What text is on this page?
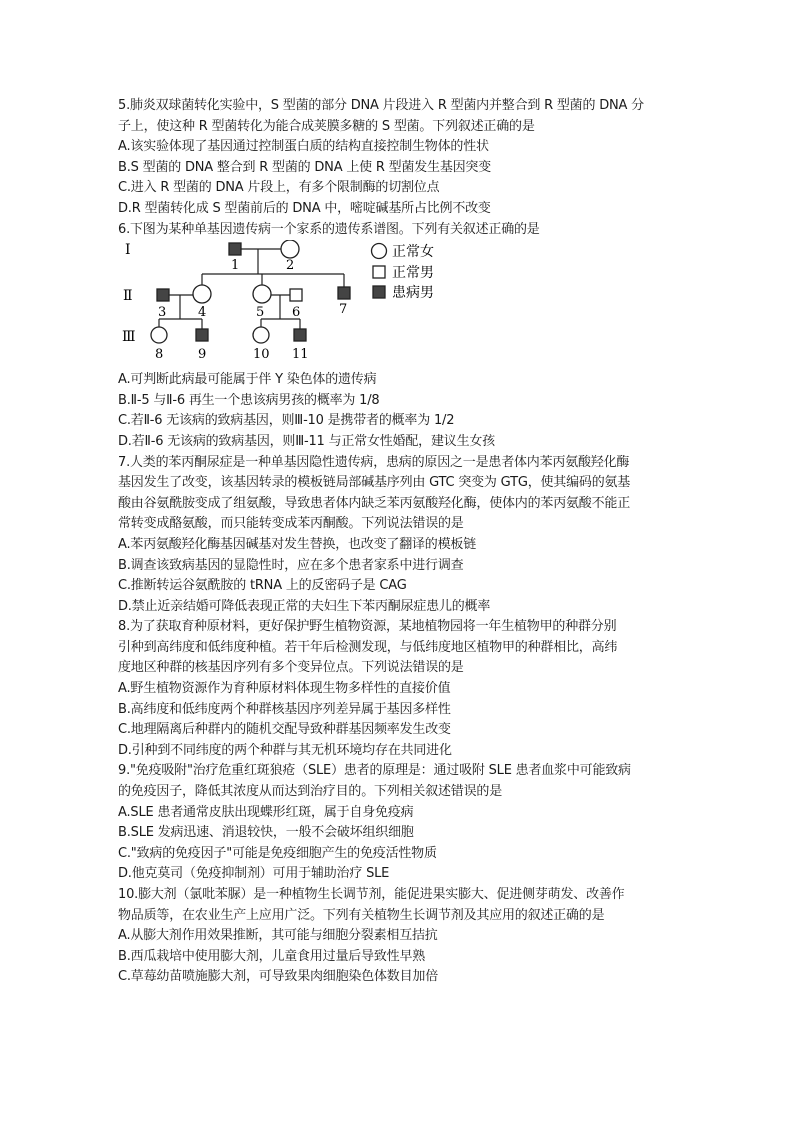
5.肺炎双球菌转化实验中，S 型菌的部分 DNA 片段进入 R 型菌内并整合到 R 型菌的 DNA 分
子上，使这种 R 型菌转化为能合成荚膜多糖的 S 型菌。下列叙述正确的是
A.该实验体现了基因通过控制蛋白质的结构直接控制生物体的性状
B.S 型菌的 DNA 整合到 R 型菌的 DNA 上使 R 型菌发生基因突变
C.进入 R 型菌的 DNA 片段上，有多个限制酶的切割位点
D.R 型菌转化成 S 型菌前后的 DNA 中，嘧啶碱基所占比例不改变
6.下图为某种单基因遗传病一个家系的遗传系谱图。下列有关叙述正确的是
Ⅰ
Ⅱ
Ⅲ
1	2
3 4	5 6	7
8	9	10 11
正常女
正常男
患病男
A.可判断此病最可能属于伴 Y 染色体的遗传病
B.Ⅱ-5 与Ⅱ-6 再生一个患该病男孩的概率为 1/8
C.若Ⅱ-6 无该病的致病基因，则Ⅲ-10 是携带者的概率为 1/2
D.若Ⅱ-6 无该病的致病基因，则Ⅲ-11 与正常女性婚配，建议生女孩
7.人类的苯丙酮尿症是一种单基因隐性遗传病，患病的原因之一是患者体内苯丙氨酸羟化酶
基因发生了改变，该基因转录的模板链局部碱基序列由 GTC 突变为 GTG，使其编码的氨基
酸由谷氨酰胺变成了组氨酸，导致患者体内缺乏苯丙氨酸羟化酶，使体内的苯丙氨酸不能正
常转变成酪氨酸，而只能转变成苯丙酮酸。下列说法错误的是
A.苯丙氨酸羟化酶基因碱基对发生替换，也改变了翻译的模板链
B.调查该致病基因的显隐性时，应在多个患者家系中进行调查
C.推断转运谷氨酰胺的 tRNA 上的反密码子是 CAG
D.禁止近亲结婚可降低表现正常的夫妇生下苯丙酮尿症患儿的概率
8.为了获取育种原材料，更好保护野生植物资源，某地植物园将一年生植物甲的种群分别
引种到高纬度和低纬度种植。若干年后检测发现，与低纬度地区植物甲的种群相比，高纬
度地区种群的核基因序列有多个变异位点。下列说法错误的是
A.野生植物资源作为育种原材料体现生物多样性的直接价值
B.高纬度和低纬度两个种群核基因序列差异属于基因多样性
C.地理隔离后种群内的随机交配导致种群基因频率发生改变
D.引种到不同纬度的两个种群与其无机环境均存在共同进化
9."免疫吸附"治疗危重红斑狼疮（SLE）患者的原理是：通过吸附 SLE 患者血浆中可能致病
的免疫因子，降低其浓度从而达到治疗目的。下列相关叙述错误的是
A.SLE 患者通常皮肤出现蝶形红斑，属于自身免疫病
B.SLE 发病迅速、消退较快，一般不会破坏组织细胞
C."致病的免疫因子"可能是免疫细胞产生的免疫活性物质
D.他克莫司（免疫抑制剂）可用于辅助治疗 SLE
10.膨大剂（氯吡苯脲）是一种植物生长调节剂，能促进果实膨大、促进侧芽萌发、改善作
物品质等，在农业生产上应用广泛。下列有关植物生长调节剂及其应用的叙述正确的是
A.从膨大剂作用效果推断，其可能与细胞分裂素相互拮抗
B.西瓜栽培中使用膨大剂，儿童食用过量后导致性早熟
C.草莓幼苗喷施膨大剂，可导致果肉细胞染色体数目加倍
